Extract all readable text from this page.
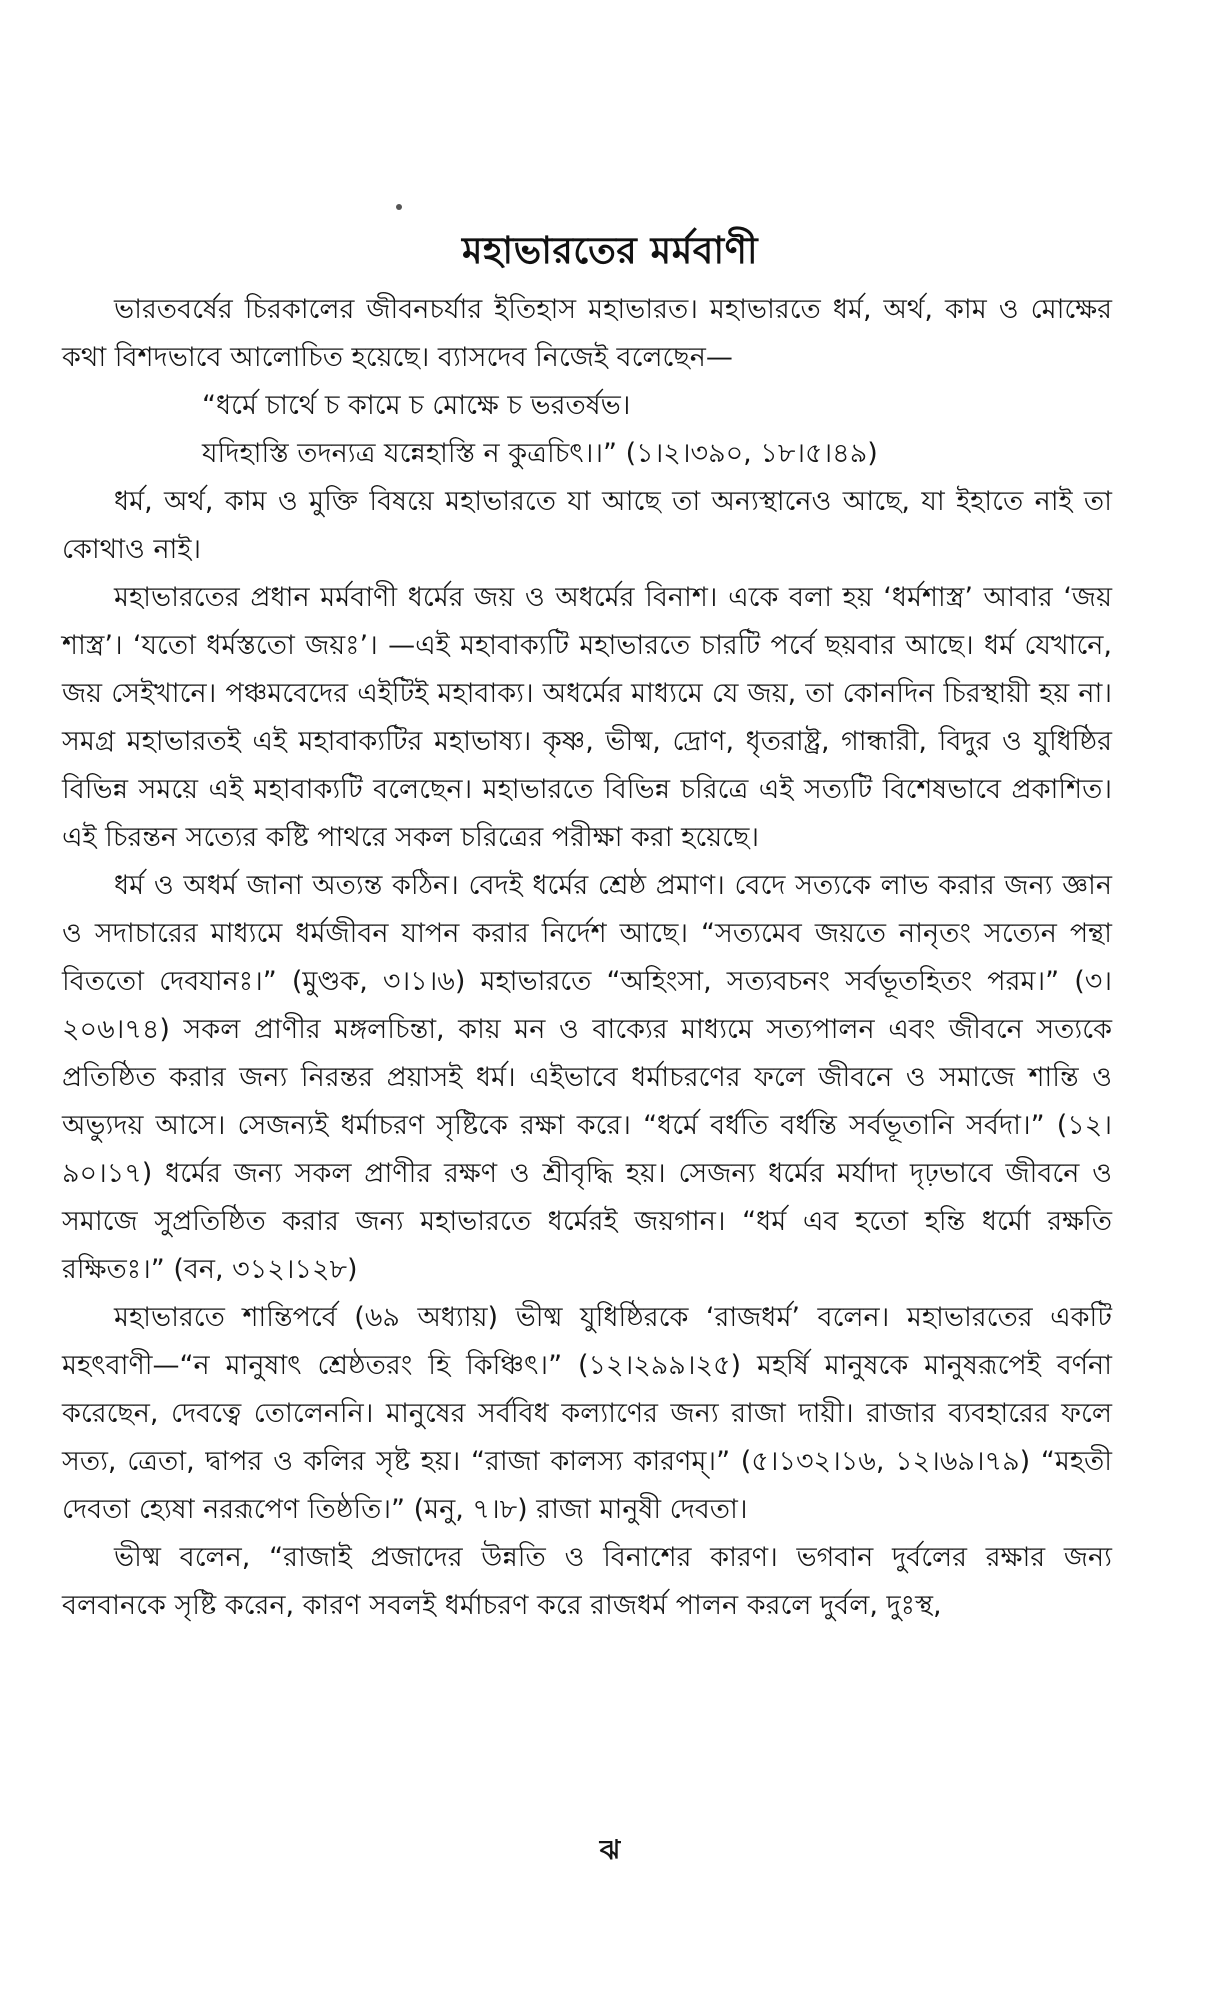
মহাভারতের মর্মবাণী

ভারতবর্ষের চিরকালের জীবনচর্যার ইতিহাস মহাভারত। মহাভারতে ধর্ম, অর্থ, কাম ও মোক্ষের কথা বিশদভাবে আলোচিত হয়েছে। ব্যাসদেব নিজেই বলেছেন—

“ধর্মে চার্থে চ কামে চ মোক্ষে চ ভরতর্ষভ।

যদিহাস্তি তদন্যত্র যন্নেহাস্তি ন কুত্রচিৎ।।” (১।২।৩৯০, ১৮।৫।৪৯)

ধর্ম, অর্থ, কাম ও মুক্তি বিষয়ে মহাভারতে যা আছে তা অন্যস্থানেও আছে, যা ইহাতে নাই তা কোথাও নাই।

মহাভারতের প্রধান মর্মবাণী ধর্মের জয় ও অধর্মের বিনাশ। একে বলা হয় ‘ধর্মশাস্ত্র’ আবার ‘জয় শাস্ত্র’। ‘যতো ধর্মস্ততো জয়ঃ’। —এই মহাবাক্যটি মহাভারতে চারটি পর্বে ছয়বার আছে। ধর্ম যেখানে, জয় সেইখানে। পঞ্চমবেদের এইটিই মহাবাক্য। অধর্মের মাধ্যমে যে জয়, তা কোনদিন চিরস্থায়ী হয় না। সমগ্র মহাভারতই এই মহাবাক্যটির মহাভাষ্য। কৃষ্ণ, ভীষ্ম, দ্রোণ, ধৃতরাষ্ট্র, গান্ধারী, বিদুর ও যুধিষ্ঠির বিভিন্ন সময়ে এই মহাবাক্যটি বলেছেন। মহাভারতে বিভিন্ন চরিত্রে এই সত্যটি বিশেষভাবে প্রকাশিত। এই চিরন্তন সত্যের কষ্টি পাথরে সকল চরিত্রের পরীক্ষা করা হয়েছে।

ধর্ম ও অধর্ম জানা অত্যন্ত কঠিন। বেদই ধর্মের শ্রেষ্ঠ প্রমাণ। বেদে সত্যকে লাভ করার জন্য জ্ঞান ও সদাচারের মাধ্যমে ধর্মজীবন যাপন করার নির্দেশ আছে। “সত্যমেব জয়তে নানৃতং সত্যেন পন্থা বিততো দেবযানঃ।” (মুণ্ডক, ৩।১।৬) মহাভারতে “অহিংসা, সত্যবচনং সর্বভূতহিতং পরম।” (৩।২০৬।৭৪) সকল প্রাণীর মঙ্গলচিন্তা, কায় মন ও বাক্যের মাধ্যমে সত্যপালন এবং জীবনে সত্যকে প্রতিষ্ঠিত করার জন্য নিরন্তর প্রয়াসই ধর্ম। এইভাবে ধর্মাচরণের ফলে জীবনে ও সমাজে শান্তি ও অভ্যুদয় আসে। সেজন্যই ধর্মাচরণ সৃষ্টিকে রক্ষা করে। “ধর্মে বর্ধতি বর্ধন্তি সর্বভূতানি সর্বদা।” (১২।৯০।১৭) ধর্মের জন্য সকল প্রাণীর রক্ষণ ও শ্রীবৃদ্ধি হয়। সেজন্য ধর্মের মর্যাদা দৃঢ়ভাবে জীবনে ও সমাজে সুপ্রতিষ্ঠিত করার জন্য মহাভারতে ধর্মেরই জয়গান। “ধর্ম এব হতো হন্তি ধর্মো রক্ষতি রক্ষিতঃ।” (বন, ৩১২।১২৮)

মহাভারতে শান্তিপর্বে (৬৯ অধ্যায়) ভীষ্ম যুধিষ্ঠিরকে ‘রাজধর্ম’ বলেন। মহাভারতের একটি মহৎবাণী—“ন মানুষাৎ শ্রেষ্ঠতরং হি কিঞ্চিৎ।” (১২।২৯৯।২৫) মহর্ষি মানুষকে মানুষরূপেই বর্ণনা করেছেন, দেবত্বে তোলেননি। মানুষের সর্ববিধ কল্যাণের জন্য রাজা দায়ী। রাজার ব্যবহারের ফলে সত্য, ত্রেতা, দ্বাপর ও কলির সৃষ্ট হয়। “রাজা কালস্য কারণম্।” (৫।১৩২।১৬, ১২।৬৯।৭৯) “মহতী দেবতা হ্যেষা নররূপেণ তিষ্ঠতি।” (মনু, ৭।৮) রাজা মানুষী দেবতা।

ভীষ্ম বলেন, “রাজাই প্রজাদের উন্নতি ও বিনাশের কারণ। ভগবান দুর্বলের রক্ষার জন্য বলবানকে সৃষ্টি করেন, কারণ সবলই ধর্মাচরণ করে রাজধর্ম পালন করলে দুর্বল, দুঃস্থ,

ঝ
